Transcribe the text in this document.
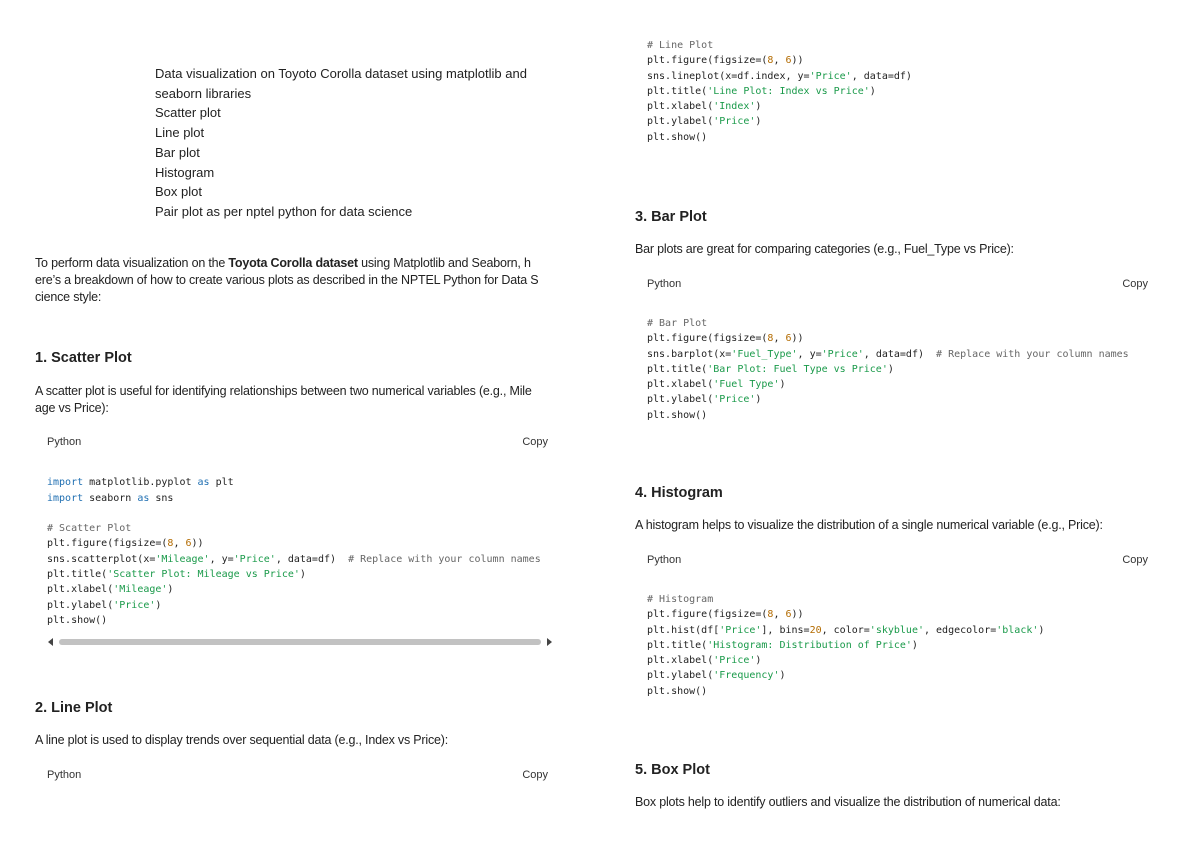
Data visualization on Toyoto Corolla dataset using matplotlib and
seaborn libraries
Scatter plot
Line plot
Bar plot
Histogram
Box plot
Pair plot as per nptel python for data science
To perform data visualization on the Toyota Corolla dataset using Matplotlib and Seaborn, h
ere’s a breakdown of how to create various plots as described in the NPTEL Python for Data S
cience style:
1. Scatter Plot
A scatter plot is useful for identifying relationships between two numerical variables (e.g., Mile
age vs Price):
Python	Copy

import matplotlib.pyplot as plt
import seaborn as sns

# Scatter Plot
plt.figure(figsize=(8, 6))
sns.scatterplot(x='Mileage', y='Price', data=df)  # Replace with your column names
plt.title('Scatter Plot: Mileage vs Price')
plt.xlabel('Mileage')
plt.ylabel('Price')
plt.show()
2. Line Plot
A line plot is used to display trends over sequential data (e.g., Index vs Price):
Python	Copy
# Line Plot
plt.figure(figsize=(8, 6))
sns.lineplot(x=df.index, y='Price', data=df)
plt.title('Line Plot: Index vs Price')
plt.xlabel('Index')
plt.ylabel('Price')
plt.show()
3. Bar Plot
Bar plots are great for comparing categories (e.g., Fuel_Type vs Price):
Python	Copy
# Bar Plot
plt.figure(figsize=(8, 6))
sns.barplot(x='Fuel_Type', y='Price', data=df)  # Replace with your column names
plt.title('Bar Plot: Fuel Type vs Price')
plt.xlabel('Fuel Type')
plt.ylabel('Price')
plt.show()
4. Histogram
A histogram helps to visualize the distribution of a single numerical variable (e.g., Price):
Python	Copy
# Histogram
plt.figure(figsize=(8, 6))
plt.hist(df['Price'], bins=20, color='skyblue', edgecolor='black')
plt.title('Histogram: Distribution of Price')
plt.xlabel('Price')
plt.ylabel('Frequency')
plt.show()
5. Box Plot
Box plots help to identify outliers and visualize the distribution of numerical data:
